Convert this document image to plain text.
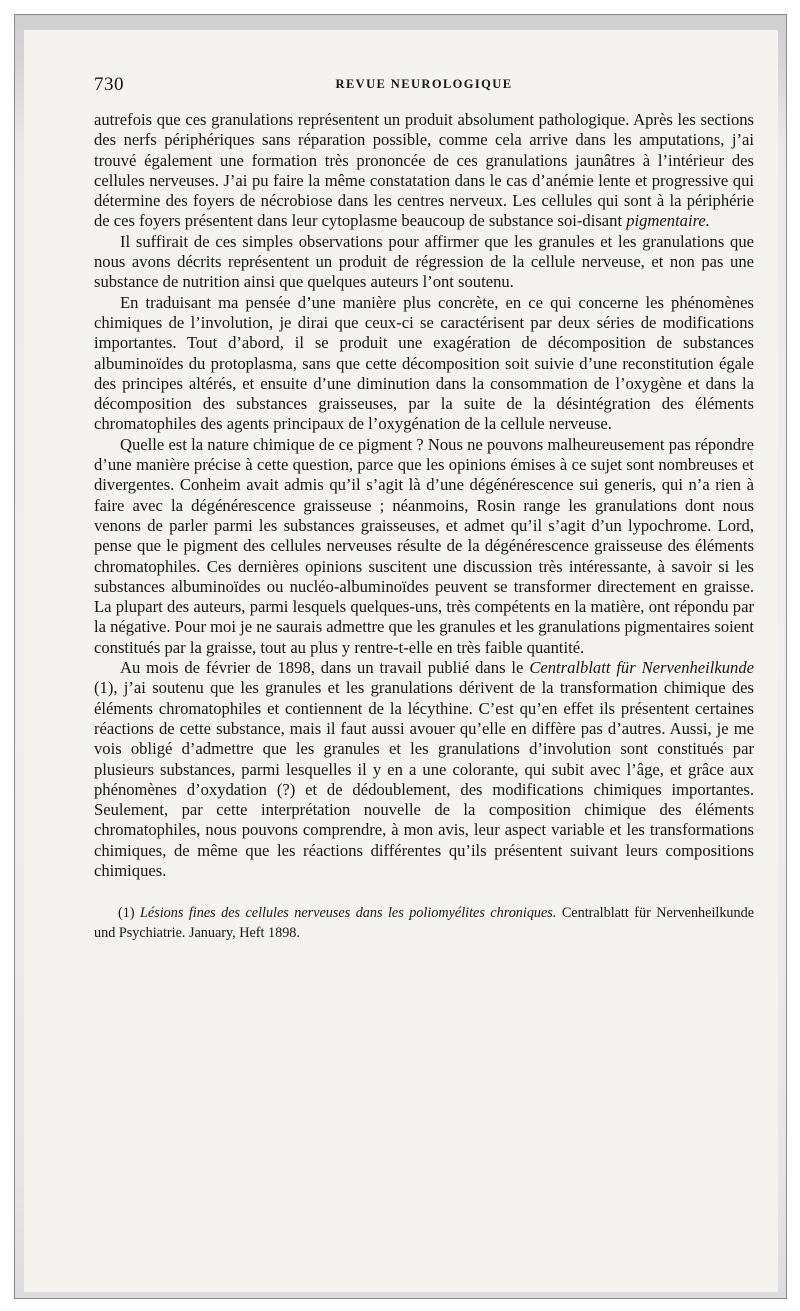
730	REVUE NEUROLOGIQUE

autrefois que ces granulations représentent un produit absolument pathologique. Après les sections des nerfs périphériques sans réparation possible, comme cela arrive dans les amputations, j’ai trouvé également une formation très prononcée de ces granulations jaunâtres à l’intérieur des cellules nerveuses. J’ai pu faire la même constatation dans le cas d’anémie lente et progressive qui détermine des foyers de nécrobiose dans les centres nerveux. Les cellules qui sont à la périphérie de ces foyers présentent dans leur cytoplasme beaucoup de substance soi-disant pigmentaire.

Il suffirait de ces simples observations pour affirmer que les granules et les granulations que nous avons décrits représentent un produit de régression de la cellule nerveuse, et non pas une substance de nutrition ainsi que quelques auteurs l’ont soutenu.

En traduisant ma pensée d’une manière plus concrète, en ce qui concerne les phénomènes chimiques de l’involution, je dirai que ceux-ci se caractérisent par deux séries de modifications importantes. Tout d’abord, il se produit une exagération de décomposition de substances albuminoïdes du protoplasma, sans que cette décomposition soit suivie d’une reconstitution égale des principes altérés, et ensuite d’une diminution dans la consommation de l’oxygène et dans la décomposition des substances graisseuses, par la suite de la désintégration des éléments chromatophiles des agents principaux de l’oxygénation de la cellule nerveuse.

Quelle est la nature chimique de ce pigment ? Nous ne pouvons malheureusement pas répondre d’une manière précise à cette question, parce que les opinions émises à ce sujet sont nombreuses et divergentes. Conheim avait admis qu’il s’agit là d’une dégénérescence sui generis, qui n’a rien à faire avec la dégénérescence graisseuse ; néanmoins, Rosin range les granulations dont nous venons de parler parmi les substances graisseuses, et admet qu’il s’agit d’un lypochrome. Lord, pense que le pigment des cellules nerveuses résulte de la dégénérescence graisseuse des éléments chromatophiles. Ces dernières opinions suscitent une discussion très intéressante, à savoir si les substances albuminoïdes ou nucléo-albuminoïdes peuvent se transformer directement en graisse. La plupart des auteurs, parmi lesquels quelques-uns, très compétents en la matière, ont répondu par la négative. Pour moi je ne saurais admettre que les granules et les granulations pigmentaires soient constitués par la graisse, tout au plus y rentre-t-elle en très faible quantité.

Au mois de février de 1898, dans un travail publié dans le Centralblatt für Nervenheilkunde (1), j’ai soutenu que les granules et les granulations dérivent de la transformation chimique des éléments chromatophiles et contiennent de la lécythine. C’est qu’en effet ils présentent certaines réactions de cette substance, mais il faut aussi avouer qu’elle en diffère pas d’autres. Aussi, je me vois obligé d’admettre que les granules et les granulations d’involution sont constitués par plusieurs substances, parmi lesquelles il y en a une colorante, qui subit avec l’âge, et grâce aux phénomènes d’oxydation (?) et de dédoublement, des modifications chimiques importantes. Seulement, par cette interprétation nouvelle de la composition chimique des éléments chromatophiles, nous pouvons comprendre, à mon avis, leur aspect variable et les transformations chimiques, de même que les réactions différentes qu’ils présentent suivant leurs compositions chimiques.

(1) Lésions fines des cellules nerveuses dans les poliomyélites chroniques. Centralblatt für Nervenheilkunde und Psychiatrie. January, Heft 1898.
